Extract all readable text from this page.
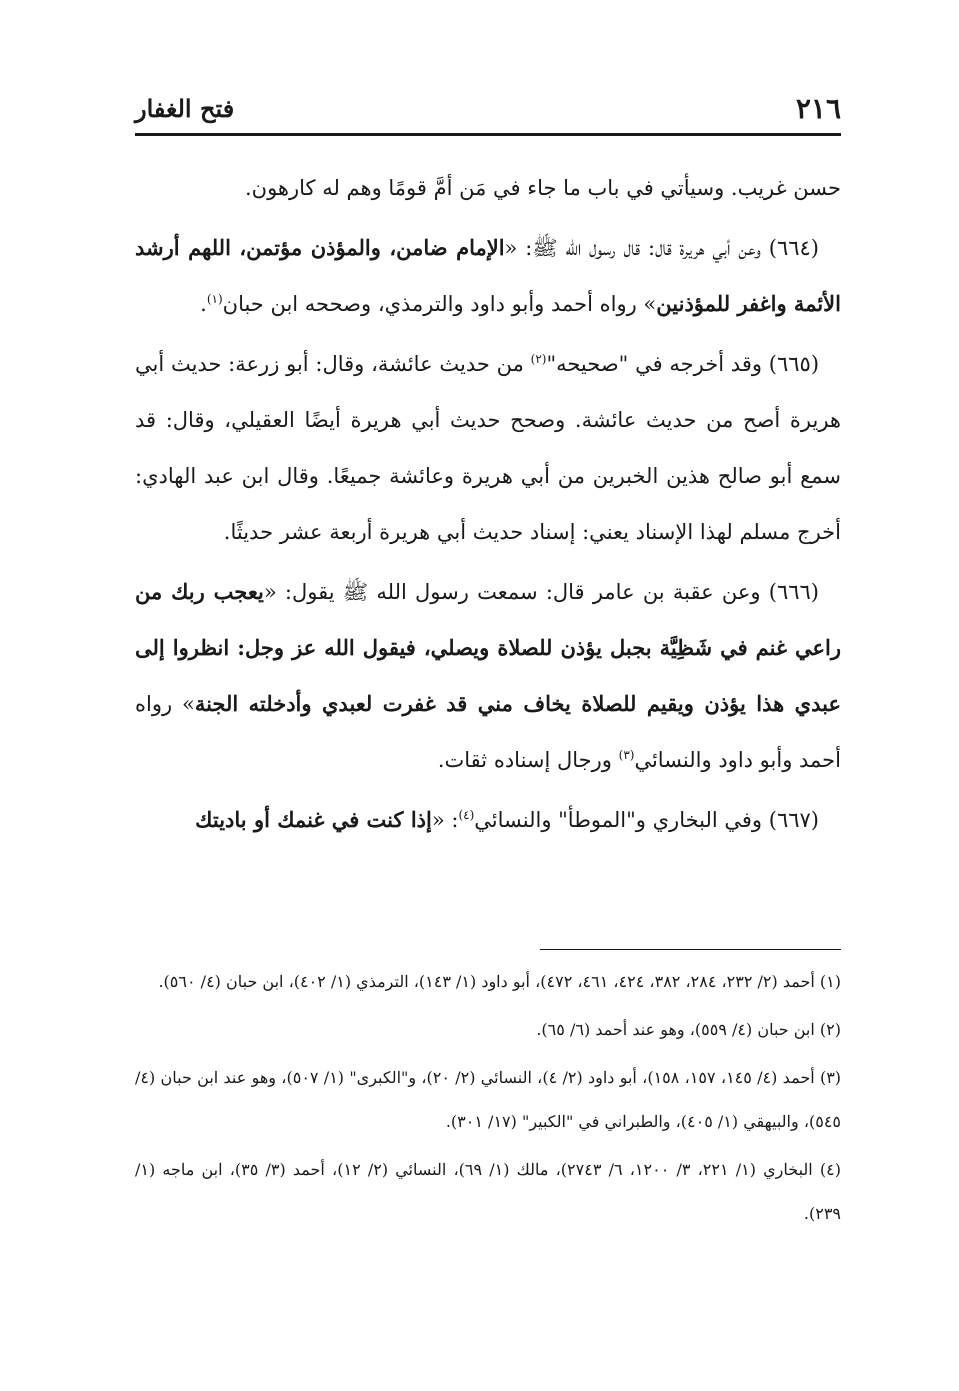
٢١٦
فتح الغفار

حسن غريب. وسيأتي في باب ما جاء في مَن أمَّ قومًا وهم له كارهون.

(٦٦٤) وعن أبي هريرة قال: قال رسول الله ﷺ: «الإمام ضامن، والمؤذن مؤتمن، اللهم أرشد الأئمة واغفر للمؤذنين» رواه أحمد وأبو داود والترمذي، وصححه ابن حبان$^{(١)}$.

(٦٦٥) وقد أخرجه في "صحيحه"$^{(٢)}$ من حديث عائشة، وقال: أبو زرعة: حديث أبي هريرة أصح من حديث عائشة. وصحح حديث أبي هريرة أيضًا العقيلي، وقال: قد سمع أبو صالح هذين الخبرين من أبي هريرة وعائشة جميعًا. وقال ابن عبد الهادي: أخرج مسلم لهذا الإسناد يعني: إسناد حديث أبي هريرة أربعة عشر حديثًا.

(٦٦٦) وعن عقبة بن عامر قال: سمعت رسول الله ﷺ يقول: «يعجب ربك من راعي غنم في شَظِيَّة بجبل يؤذن للصلاة ويصلي، فيقول الله عز وجل: انظروا إلى عبدي هذا يؤذن ويقيم للصلاة يخاف مني قد غفرت لعبدي وأدخلته الجنة» رواه أحمد وأبو داود والنسائي$^{(٣)}$ ورجال إسناده ثقات.

(٦٦٧) وفي البخاري و"الموطأ" والنسائي$^{(٤)}$: «إذا كنت في غنمك أو باديتك

(١) أحمد (٢/ ٢٣٢، ٢٨٤، ٣٨٢، ٤٢٤، ٤٦١، ٤٧٢)، أبو داود (١/ ١٤٣)، الترمذي (١/ ٤٠٢)، ابن حبان (٤/ ٥٦٠).

(٢) ابن حبان (٤/ ٥٥٩)، وهو عند أحمد (٦/ ٦٥).

(٣) أحمد (٤/ ١٤٥، ١٥٧، ١٥٨)، أبو داود (٢/ ٤)، النسائي (٢/ ٢٠)، و"الكبرى" (١/ ٥٠٧)، وهو عند ابن حبان (٤/ ٥٤٥)، والبيهقي (١/ ٤٠٥)، والطبراني في "الكبير" (١٧/ ٣٠١).

(٤) البخاري (١/ ٢٢١، ٣/ ١٢٠٠، ٦/ ٢٧٤٣)، مالك (١/ ٦٩)، النسائي (٢/ ١٢)، أحمد (٣/ ٣٥)، ابن ماجه (١/ ٢٣٩).
